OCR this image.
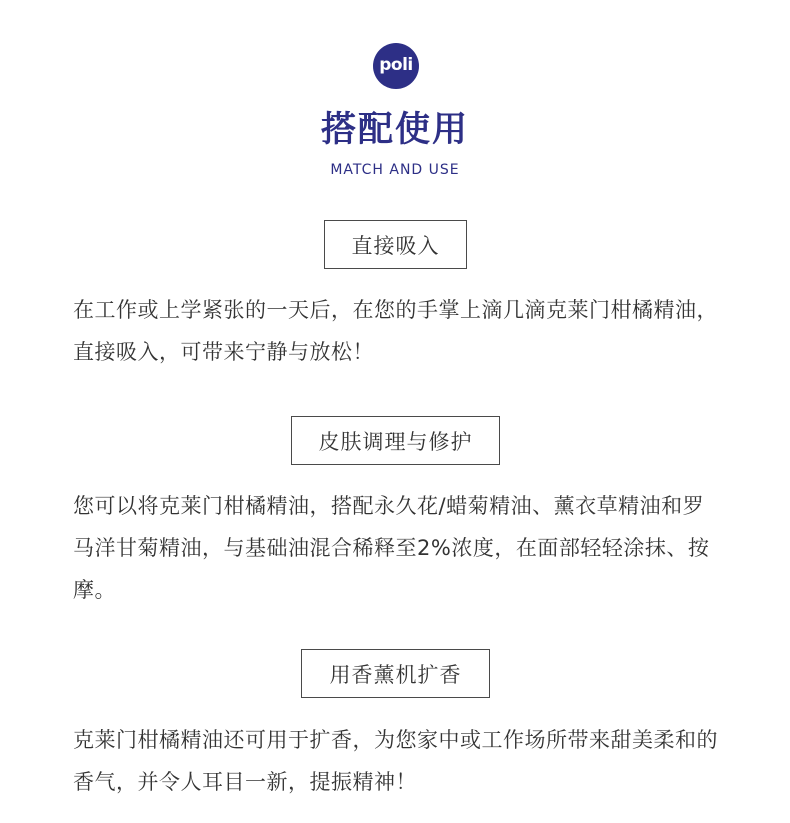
poli
搭配使用
MATCH AND USE
直接吸入

在工作或上学紧张的一天后，在您的手掌上滴几滴克莱门柑橘精油，直接吸入，可带来宁静与放松！

皮肤调理与修护

您可以将克莱门柑橘精油，搭配永久花/蜡菊精油、薰衣草精油和罗马洋甘菊精油，与基础油混合稀释至2%浓度，在面部轻轻涂抹、按摩。

用香薰机扩香

克莱门柑橘精油还可用于扩香，为您家中或工作场所带来甜美柔和的香气，并令人耳目一新，提振精神！
